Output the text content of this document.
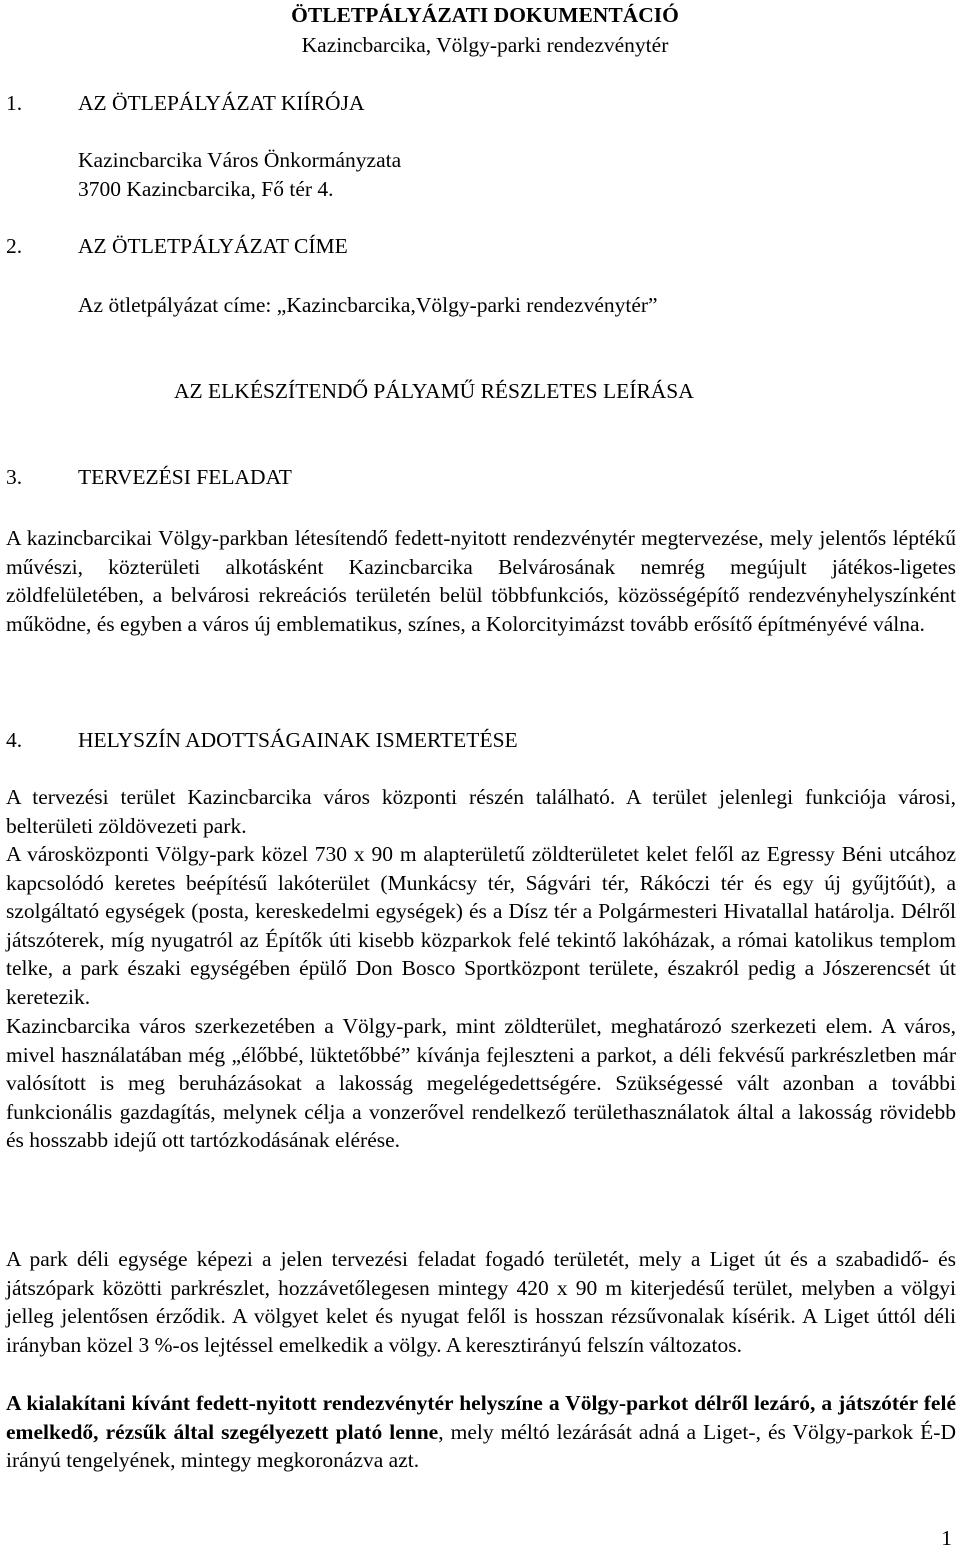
ÖTLETPÁLYÁZATI DOKUMENTÁCIÓ
Kazincbarcika, Völgy-parki rendezvénytér
1.	AZ ÖTLEPÁLYÁZAT KIÍRÓJA
Kazincbarcika Város Önkormányzata
3700 Kazincbarcika, Fő tér 4.
2.	AZ ÖTLETPÁLYÁZAT CÍME
Az ötletpályázat címe: „Kazincbarcika,Völgy-parki rendezvénytér”
AZ ELKÉSZÍTENDŐ PÁLYAMŰ RÉSZLETES LEÍRÁSA
3.	TERVEZÉSI FELADAT

A kazincbarcikai Völgy-parkban létesítendő fedett-nyitott rendezvénytér megtervezése, mely jelentős léptékű művészi, közterületi alkotásként Kazincbarcika Belvárosának nemrég megújult játékos-ligetes zöldfelületében, a belvárosi rekreációs területén belül többfunkciós, közösségépítő rendezvényhelyszínként működne, és egyben a város új emblematikus, színes, a Kolorcityimázst tovább erősítő építményévé válna.

4.	HELYSZÍN ADOTTSÁGAINAK ISMERTETÉSE

A tervezési terület Kazincbarcika város központi részén található. A terület jelenlegi funkciója városi, belterületi zöldövezeti park.

A városközponti Völgy-park közel 730 x 90 m alapterületű zöldterületet kelet felől az Egressy Béni utcához kapcsolódó keretes beépítésű lakóterület (Munkácsy tér, Ságvári tér, Rákóczi tér és egy új gyűjtőút), a szolgáltató egységek (posta, kereskedelmi egységek) és a Dísz tér a Polgármesteri Hivatallal határolja. Délről játszóterek, míg nyugatról az Építők úti kisebb közparkok felé tekintő lakóházak, a római katolikus templom telke, a park északi egységében épülő Don Bosco Sportközpont területe, északról pedig a Jószerencsét út keretezik.

Kazincbarcika város szerkezetében a Völgy-park, mint zöldterület, meghatározó szerkezeti elem. A város, mivel használatában még „élőbbé, lüktetőbbé” kívánja fejleszteni a parkot, a déli fekvésű parkrészletben már valósított is meg beruházásokat a lakosság megelégedettségére. Szükségessé vált azonban a további funkcionális gazdagítás, melynek célja a vonzerővel rendelkező területhasználatok által a lakosság rövidebb és hosszabb idejű ott tartózkodásának elérése.

A park déli egysége képezi a jelen tervezési feladat fogadó területét, mely a Liget út és a szabadidő- és játszópark közötti parkrészlet, hozzávetőlegesen mintegy 420 x 90 m kiterjedésű terület, melyben a völgyi jelleg jelentősen érződik. A völgyet kelet és nyugat felől is hosszan rézsűvonalak kísérik. A Liget úttól déli irányban közel 3 %-os lejtéssel emelkedik a völgy. A keresztirányú felszín változatos.

A kialakítani kívánt fedett-nyitott rendezvénytér helyszíne a Völgy-parkot délről lezáró, a játszótér felé emelkedő, rézsűk által szegélyezett plató lenne, mely méltó lezárását adná a Liget-, és Völgy-parkok É-D irányú tengelyének, mintegy megkoronázva azt.

1
